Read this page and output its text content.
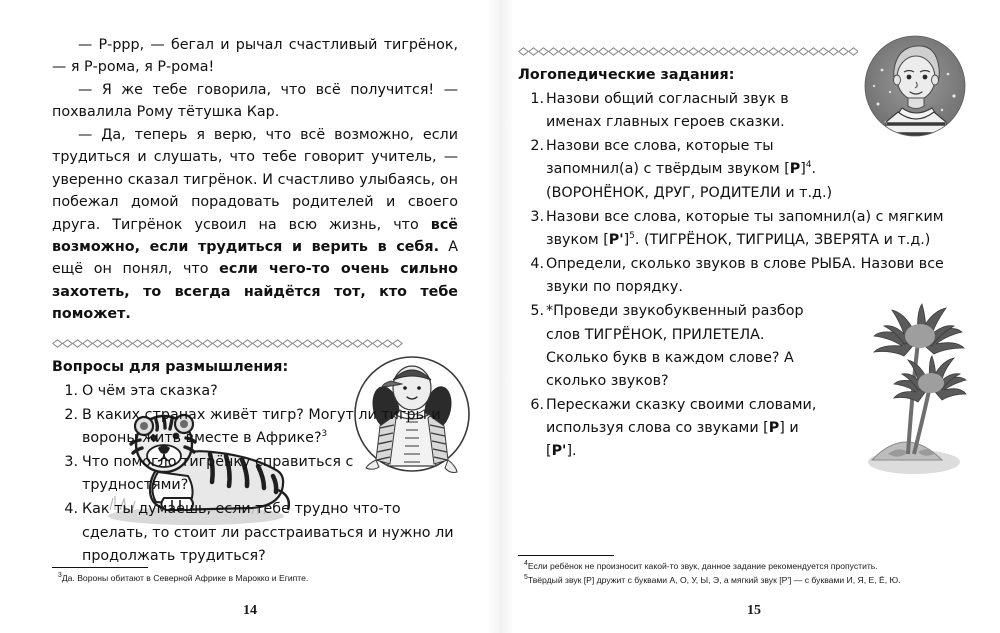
— Р-ррр, — бегал и рычал счастливый тигрёнок, — я Р-рома, я Р-рома!

— Я же тебе говорила, что всё получится! — похвалила Рому тётушка Кар.

— Да, теперь я верю, что всё возможно, если трудиться и слушать, что тебе говорит учитель, — уверенно сказал тигрёнок. И счастливо улыбаясь, он побежал домой порадовать родителей и своего друга. Тигрёнок усвоил на всю жизнь, что всё возможно, если трудиться и верить в себя. А ещё он понял, что если чего-то очень сильно захотеть, то всегда найдётся тот, кто тебе поможет.

Вопросы для размышления:
1. О чём эта сказка?
2. В каких странах живёт тигр? Могут ли тигры и вороны жить вместе в Африке?$^3$
3. Что помогло тигрёнку справиться с трудностями?
4. Как ты думаешь, если тебе трудно что-то сделать, то стоит ли расстраиваться и нужно ли продолжать трудиться?

$^3$Да. Вороны обитают в Северной Африке в Марокко и Египте.

14
Логопедические задания:
1. Назови общий согласный звук в именах главных героев сказки.
2. Назови все слова, которые ты запомнил(а) с твёрдым звуком $[Р]^4$. (ВОРОНЁНОК, ДРУГ, РОДИТЕЛИ и т.д.)
3. Назови все слова, которые ты запомнил(а) с мягким звуком $[Р']^5$. (ТИГРЁНОК, ТИГРИЦА, ЗВЕРЯТА и т.д.)
4. Определи, сколько звуков в слове РЫБА. Назови все звуки по порядку.
5. *Проведи звукобуквенный разбор слов ТИГРЁНОК, ПРИЛЕТЕЛА. Сколько букв в каждом слове? А сколько звуков?
6. Перескажи сказку своими словами, используя слова со звуками [Р] и [Р'].

$^4$Если ребёнок не произносит какой-то звук, данное задание рекомендуется пропустить.

$^5$Твёрдый звук [Р] дружит с буквами А, О, У, Ы, Э, а мягкий звук [Р'] — с буквами И, Я, Е, Ё, Ю.

15
